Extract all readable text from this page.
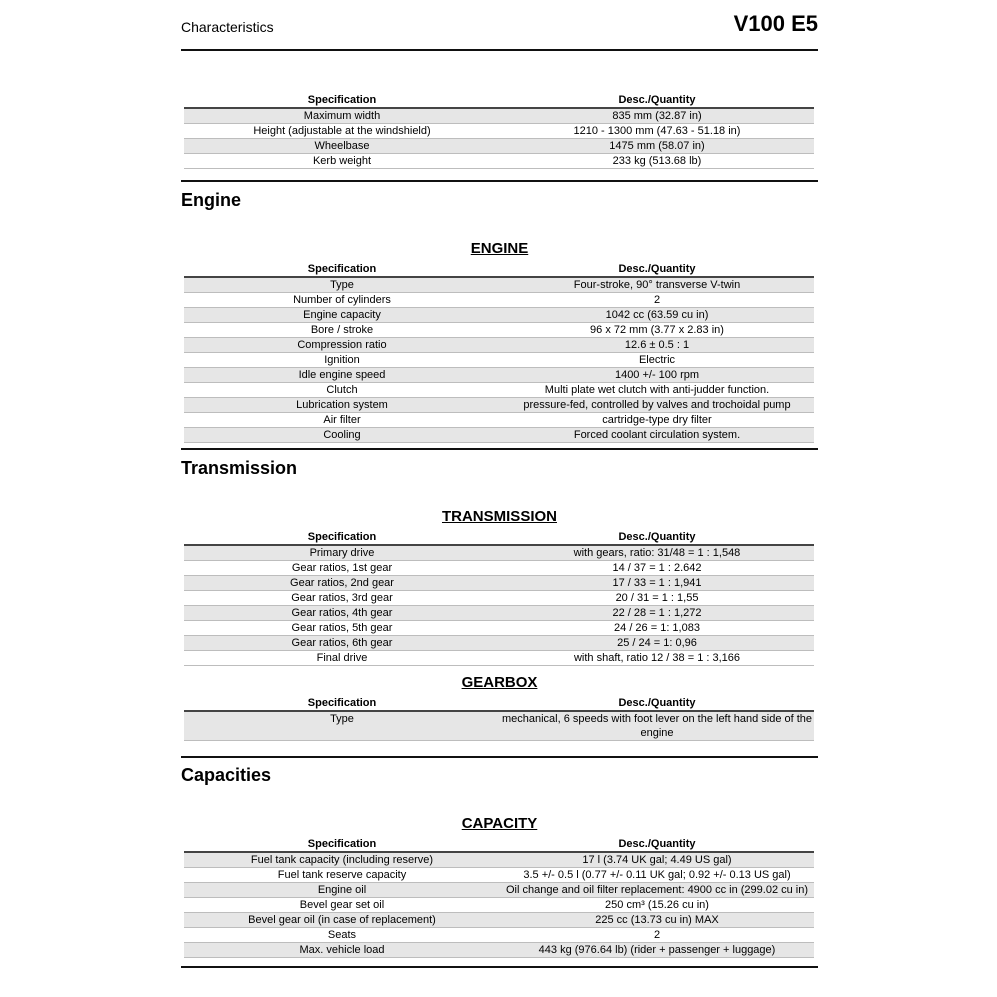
Characteristics	V100 E5
Specification	Desc./Quantity
Maximum width	835 mm (32.87 in)
Height (adjustable at the windshield)	1210 - 1300 mm (47.63 - 51.18 in)
Wheelbase	1475 mm (58.07 in)
Kerb weight	233 kg (513.68 lb)
Engine
ENGINE
Specification	Desc./Quantity
Type	Four-stroke, 90° transverse V-twin
Number of cylinders	2
Engine capacity	1042 cc (63.59 cu in)
Bore / stroke	96 x 72 mm (3.77 x 2.83 in)
Compression ratio	12.6 ± 0.5 : 1
Ignition	Electric
Idle engine speed	1400 +/- 100 rpm
Clutch	Multi plate wet clutch with anti-judder function.
Lubrication system	pressure-fed, controlled by valves and trochoidal pump
Air filter	cartridge-type dry filter
Cooling	Forced coolant circulation system.
Transmission
TRANSMISSION
Specification	Desc./Quantity
Primary drive	with gears, ratio: 31/48 = 1 : 1,548
Gear ratios, 1st gear	14 / 37 = 1 : 2.642
Gear ratios, 2nd gear	17 / 33 = 1 : 1,941
Gear ratios, 3rd gear	20 / 31 = 1 : 1,55
Gear ratios, 4th gear	22 / 28 = 1 : 1,272
Gear ratios, 5th gear	24 / 26 = 1: 1,083
Gear ratios, 6th gear	25 / 24 = 1: 0,96
Final drive	with shaft, ratio 12 / 38 = 1 : 3,166
GEARBOX
Specification	Desc./Quantity
Type	mechanical, 6 speeds with foot lever on the left hand side of the engine
Capacities
CAPACITY
Specification	Desc./Quantity
Fuel tank capacity (including reserve)	17 l (3.74 UK gal; 4.49 US gal)
Fuel tank reserve capacity	3.5 +/- 0.5 l (0.77 +/- 0.11 UK gal; 0.92 +/- 0.13 US gal)
Engine oil	Oil change and oil filter replacement: 4900 cc in (299.02 cu in)
Bevel gear set oil	250 cm³ (15.26 cu in)
Bevel gear oil (in case of replacement)	225 cc (13.73 cu in) MAX
Seats	2
Max. vehicle load	443 kg (976.64 lb) (rider + passenger + luggage)
